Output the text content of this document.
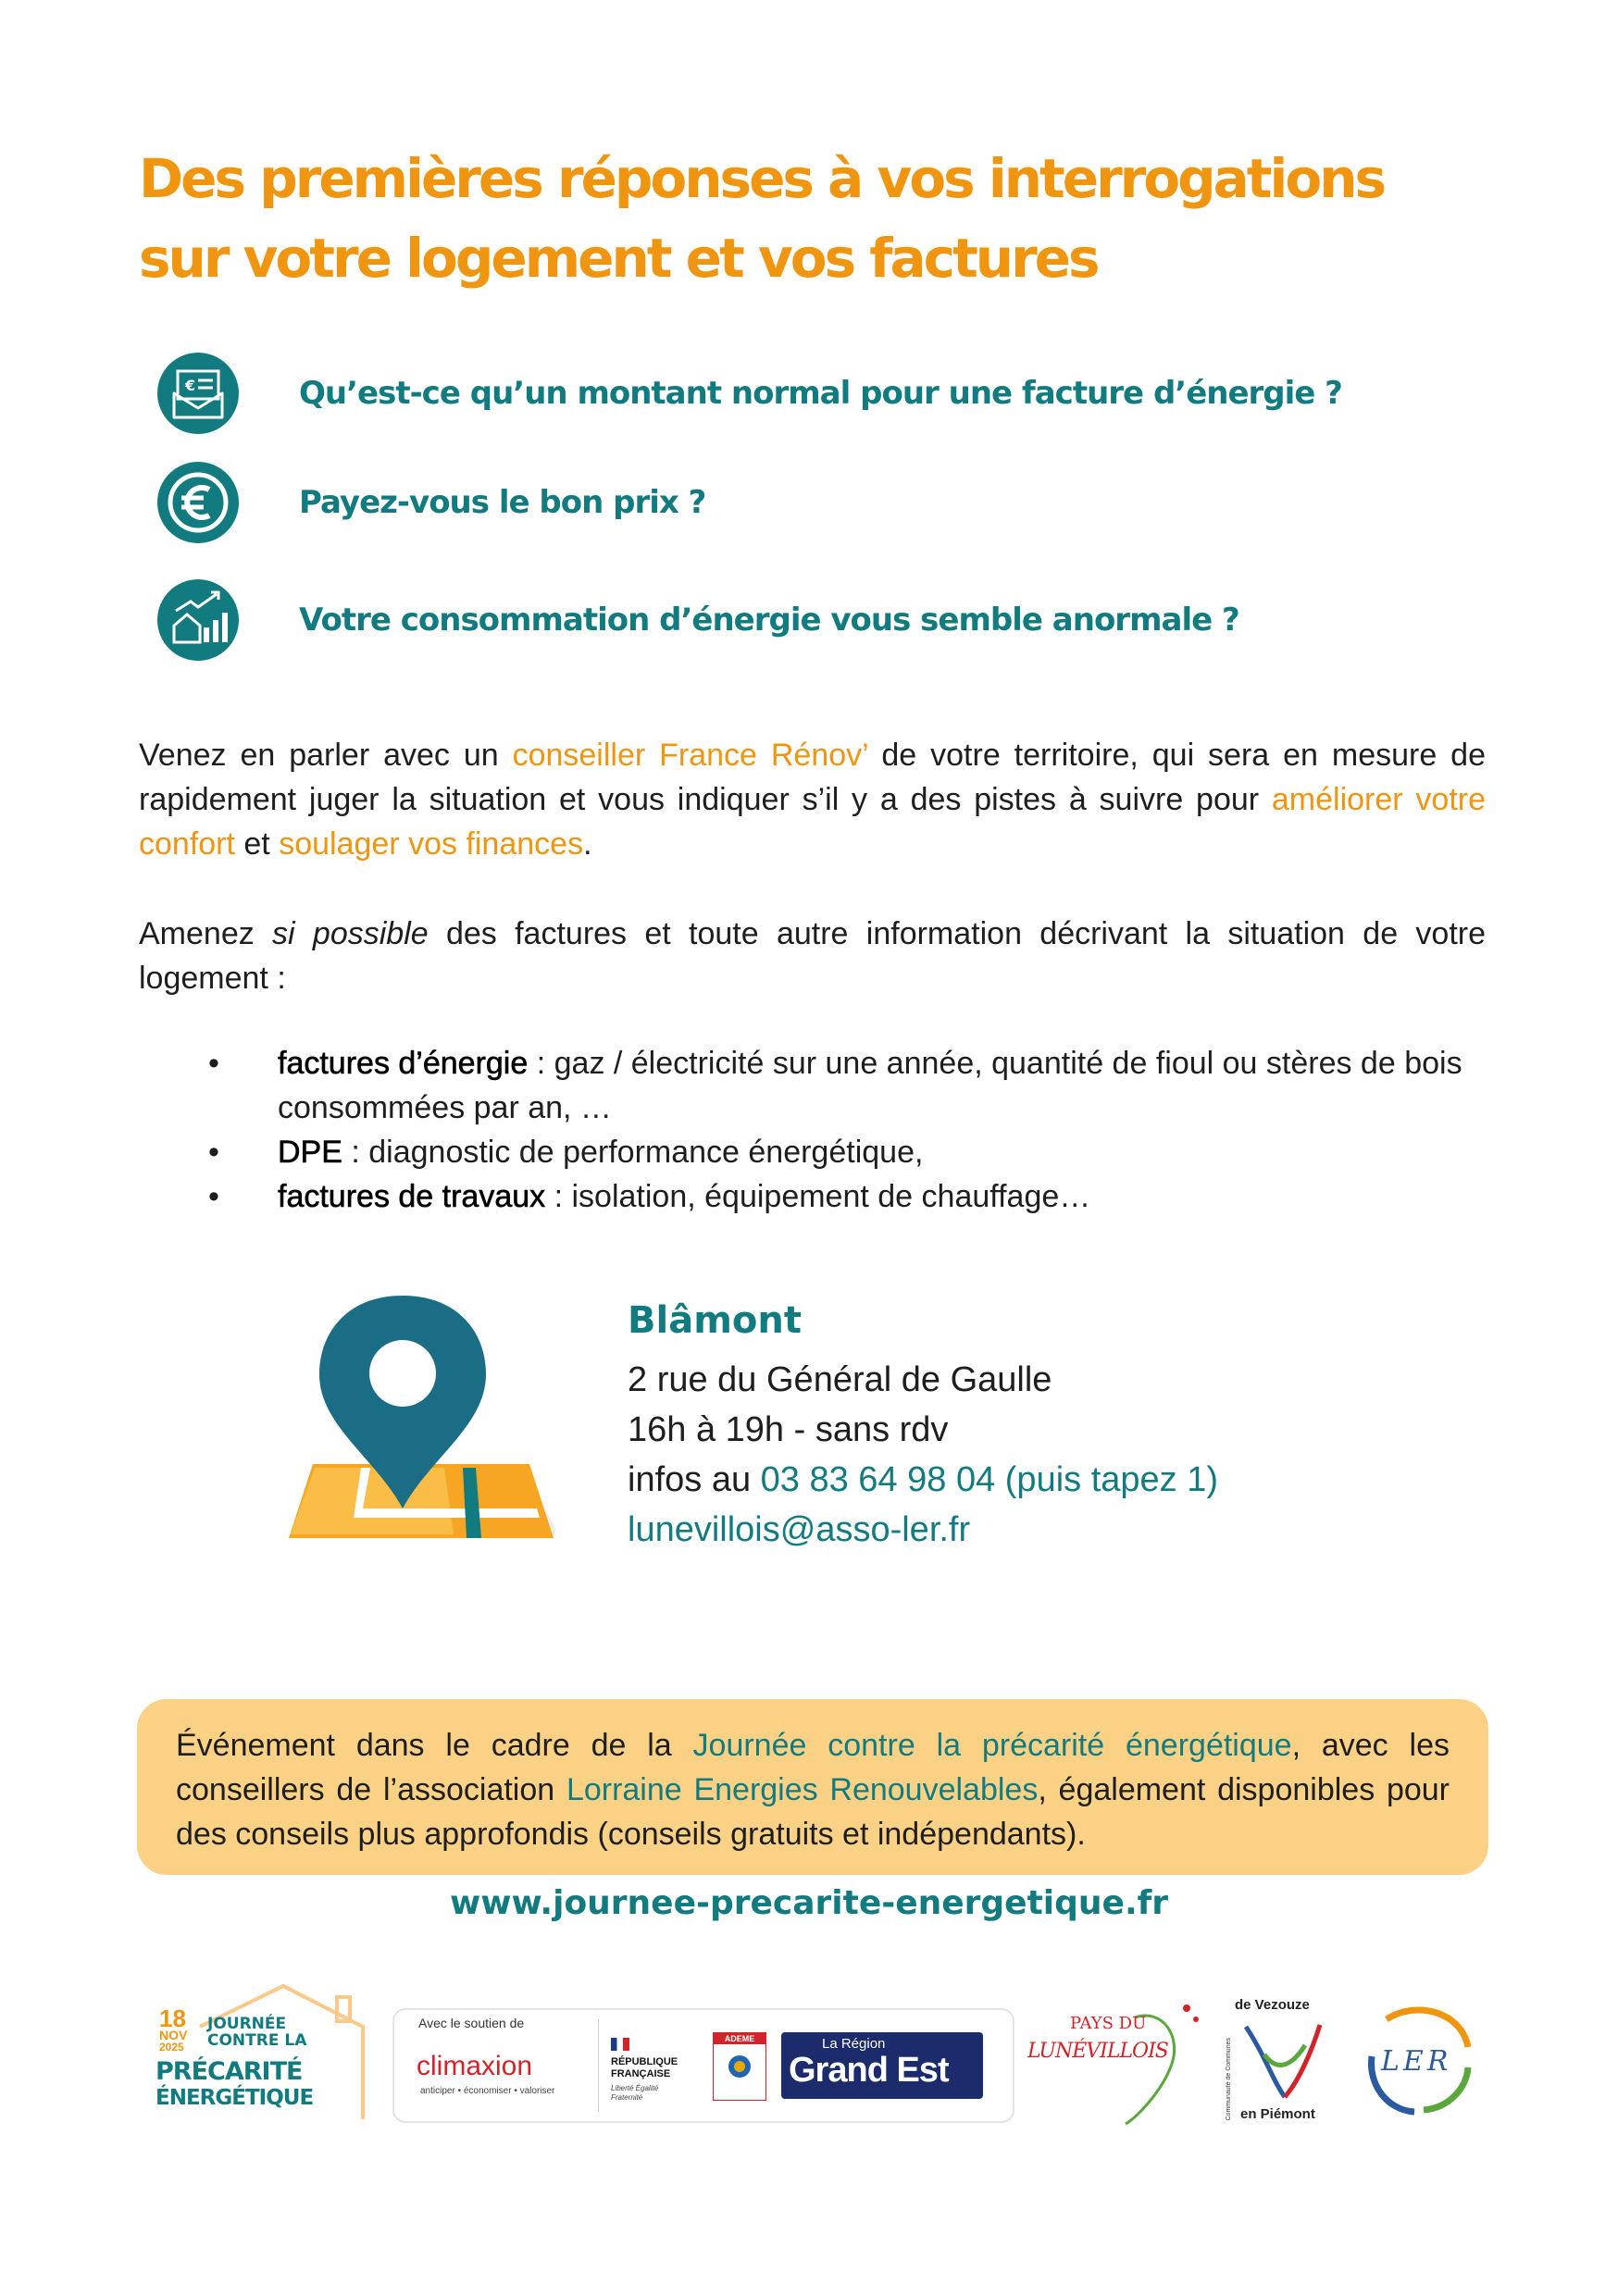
Des premières réponses à vos interrogations
sur votre logement et vos factures
€	Qu’est-ce qu’un montant normal pour une facture d’énergie ?
Payez-vous le bon prix ?
Votre consommation d’énergie vous semble anormale ?
Venez en parler avec un conseiller France Rénov’ de votre territoire, qui sera en mesure de rapidement juger la situation et vous indiquer s’il y a des pistes à suivre pour améliorer votre confort et soulager vos finances.
Amenez si possible des factures et toute autre information décrivant la situation de votre logement :
• factures d’énergie : gaz / électricité sur une année, quantité de fioul ou stères de bois consommées par an, …
• DPE : diagnostic de performance énergétique,
• factures de travaux : isolation, équipement de chauffage…
Blâmont
2 rue du Général de Gaulle
16h à 19h - sans rdv
infos au 03 83 64 98 04 (puis tapez 1)
lunevillois@asso-ler.fr
Événement dans le cadre de la Journée contre la précarité énergétique, avec les conseillers de l’association Lorraine Energies Renouvelables, également disponibles pour des conseils plus approfondis (conseils gratuits et indépendants).
www.journee-precarite-energetique.fr
18
NOV
2025
JOURNÉE
CONTRE LA
PRÉCARITÉ
ÉNERGÉTIQUE
Avec le soutien de
climaxion
anticiper • économiser • valoriser
RÉPUBLIQUE FRANÇAISE
Liberté Égalité Fraternité
ADEME	La Région
Grand Est
PAYS DU
LUNÉVILLOIS
de Vezouze
Communauté de Communes en Piémont
LER
